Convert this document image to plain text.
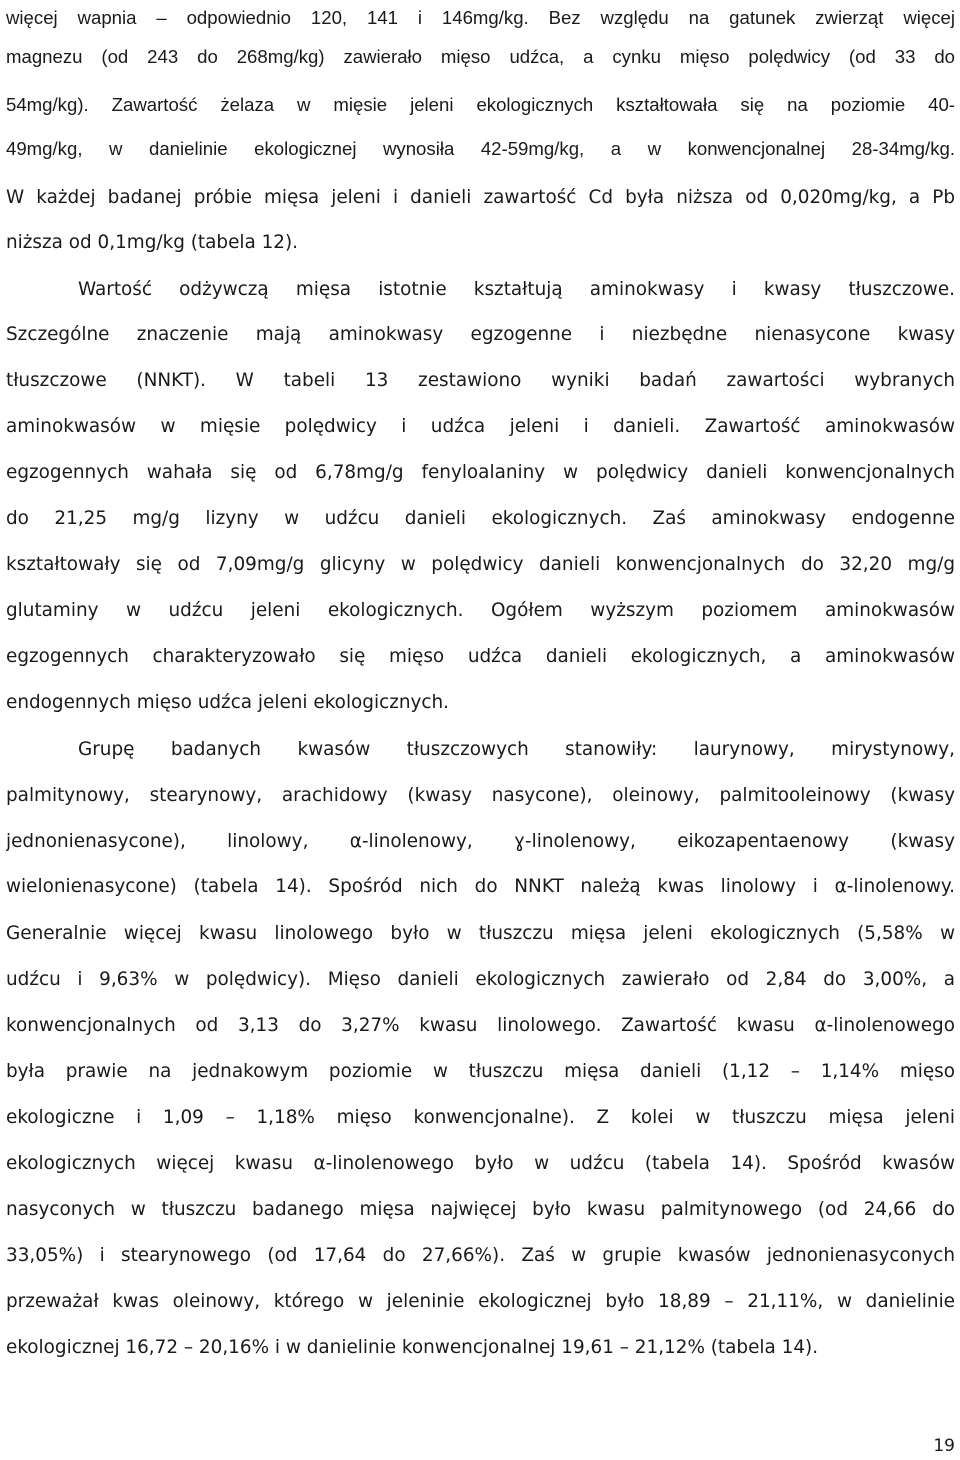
więcej wapnia – odpowiednio 120, 141 i 146mg/kg. Bez względu na gatunek zwierząt więcej
magnezu (od 243 do 268mg/kg) zawierało mięso udźca, a cynku mięso polędwicy (od 33 do
54mg/kg). Zawartość żelaza w mięsie jeleni ekologicznych kształtowała się na poziomie 40-
49mg/kg, w danielinie ekologicznej wynosiła 42-59mg/kg, a w konwencjonalnej 28-34mg/kg.
W każdej badanej próbie mięsa jeleni i danieli zawartość Cd była niższa od 0,020mg/kg, a Pb
niższa od 0,1mg/kg (tabela 12).
Wartość odżywczą mięsa istotnie kształtują aminokwasy i kwasy tłuszczowe.
Szczególne znaczenie mają aminokwasy egzogenne i niezbędne nienasycone kwasy
tłuszczowe (NNKT). W tabeli 13 zestawiono wyniki badań zawartości wybranych
aminokwasów w mięsie polędwicy i udźca jeleni i danieli. Zawartość aminokwasów
egzogennych wahała się od 6,78mg/g fenyloalaniny w polędwicy danieli konwencjonalnych
do 21,25 mg/g lizyny w udźcu danieli ekologicznych. Zaś aminokwasy endogenne
kształtowały się od 7,09mg/g glicyny w polędwicy danieli konwencjonalnych do 32,20 mg/g
glutaminy w udźcu jeleni ekologicznych. Ogółem wyższym poziomem aminokwasów
egzogennych charakteryzowało się mięso udźca danieli ekologicznych, a aminokwasów
endogennych mięso udźca jeleni ekologicznych.
Grupę badanych kwasów tłuszczowych stanowiły: laurynowy, mirystynowy,
palmitynowy, stearynowy, arachidowy (kwasy nasycone), oleinowy, palmitooleinowy (kwasy
jednonienasycone), linolowy, α-linolenowy, ɣ-linolenowy, eikozapentaenowy (kwasy
wielonienasycone) (tabela 14). Spośród nich do NNKT należą kwas linolowy i α-linolenowy.
Generalnie więcej kwasu linolowego było w tłuszczu mięsa jeleni ekologicznych (5,58% w
udźcu i 9,63% w polędwicy). Mięso danieli ekologicznych zawierało od 2,84 do 3,00%, a
konwencjonalnych od 3,13 do 3,27% kwasu linolowego. Zawartość kwasu α-linolenowego
była prawie na jednakowym poziomie w tłuszczu mięsa danieli (1,12 – 1,14% mięso
ekologiczne i 1,09 – 1,18% mięso konwencjonalne). Z kolei w tłuszczu mięsa jeleni
ekologicznych więcej kwasu α-linolenowego było w udźcu (tabela 14). Spośród kwasów
nasyconych w tłuszczu badanego mięsa najwięcej było kwasu palmitynowego (od 24,66 do
33,05%) i stearynowego (od 17,64 do 27,66%). Zaś w grupie kwasów jednonienasyconych
przeważał kwas oleinowy, którego w jeleninie ekologicznej było 18,89 – 21,11%, w danielinie
ekologicznej 16,72 – 20,16% i w danielinie konwencjonalnej 19,61 – 21,12% (tabela 14).
19
